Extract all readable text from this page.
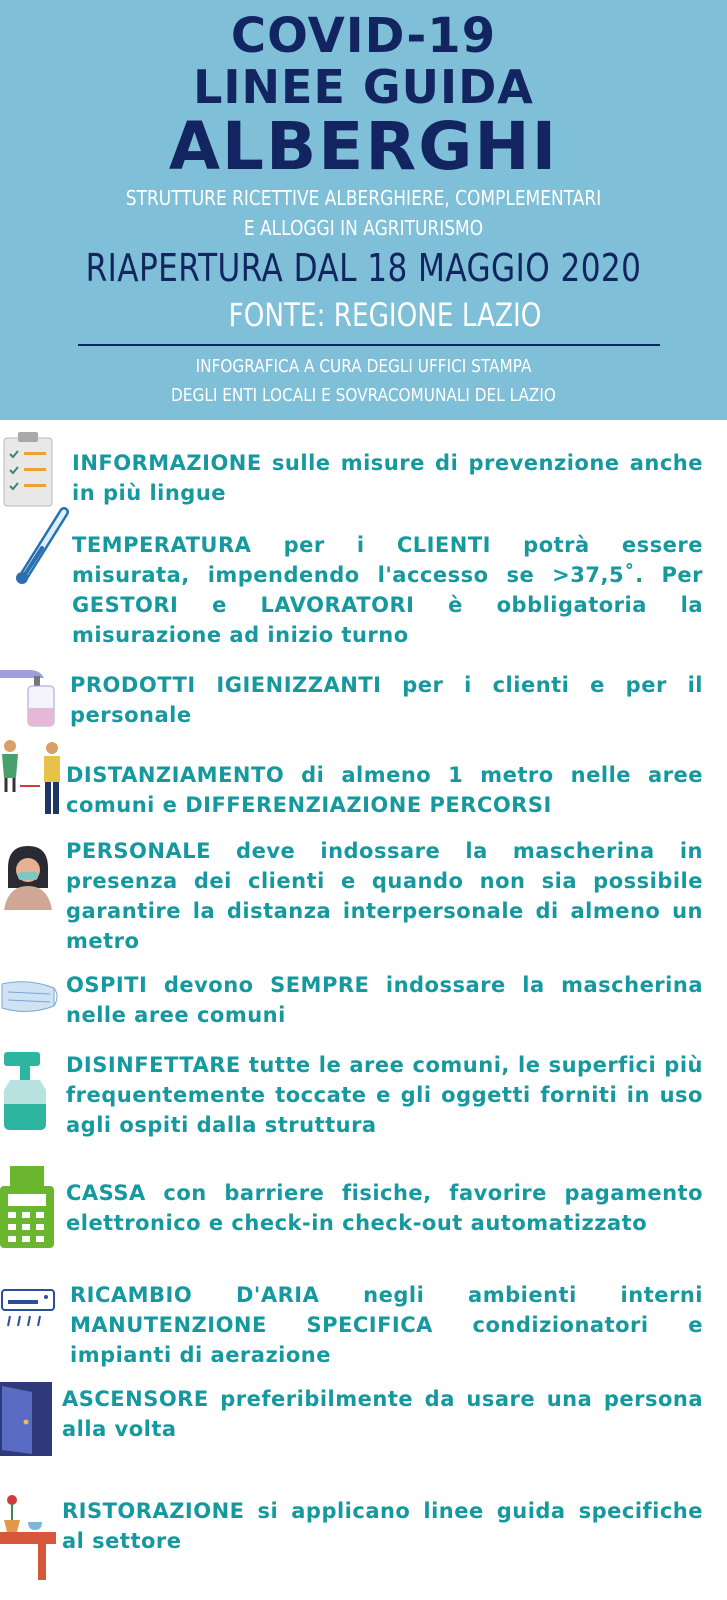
COVID-19
LINEE GUIDA
ALBERGHI
STRUTTURE RICETTIVE ALBERGHIERE, COMPLEMENTARI
E ALLOGGI IN AGRITURISMO
RIAPERTURA DAL 18 MAGGIO 2020
FONTE: REGIONE LAZIO
INFOGRAFICA A CURA DEGLI UFFICI STAMPA
DEGLI ENTI LOCALI E SOVRACOMUNALI DEL LAZIO
INFORMAZIONE sulle misure di prevenzione anche in più lingue
TEMPERATURA per i CLIENTI potrà essere misurata, impendendo l'accesso se >37,5˚. Per GESTORI e LAVORATORI è obbligatoria la misurazione ad inizio turno
PRODOTTI IGIENIZZANTI per i clienti e per il personale
DISTANZIAMENTO di almeno 1 metro nelle aree comuni e DIFFERENZIAZIONE PERCORSI
PERSONALE deve indossare la mascherina in presenza dei clienti e quando non sia possibile garantire la distanza interpersonale di almeno un metro
OSPITI devono SEMPRE indossare la mascherina nelle aree comuni
DISINFETTARE tutte le aree comuni, le superfici più frequentemente toccate e gli oggetti forniti in uso agli ospiti dalla struttura
CASSA con barriere fisiche, favorire pagamento elettronico e check-in check-out automatizzato
RICAMBIO D'ARIA negli ambienti interni MANUTENZIONE SPECIFICA condizionatori e impianti di aerazione
ASCENSORE preferibilmente da usare una persona alla volta
RISTORAZIONE si applicano linee guida specifiche al settore
